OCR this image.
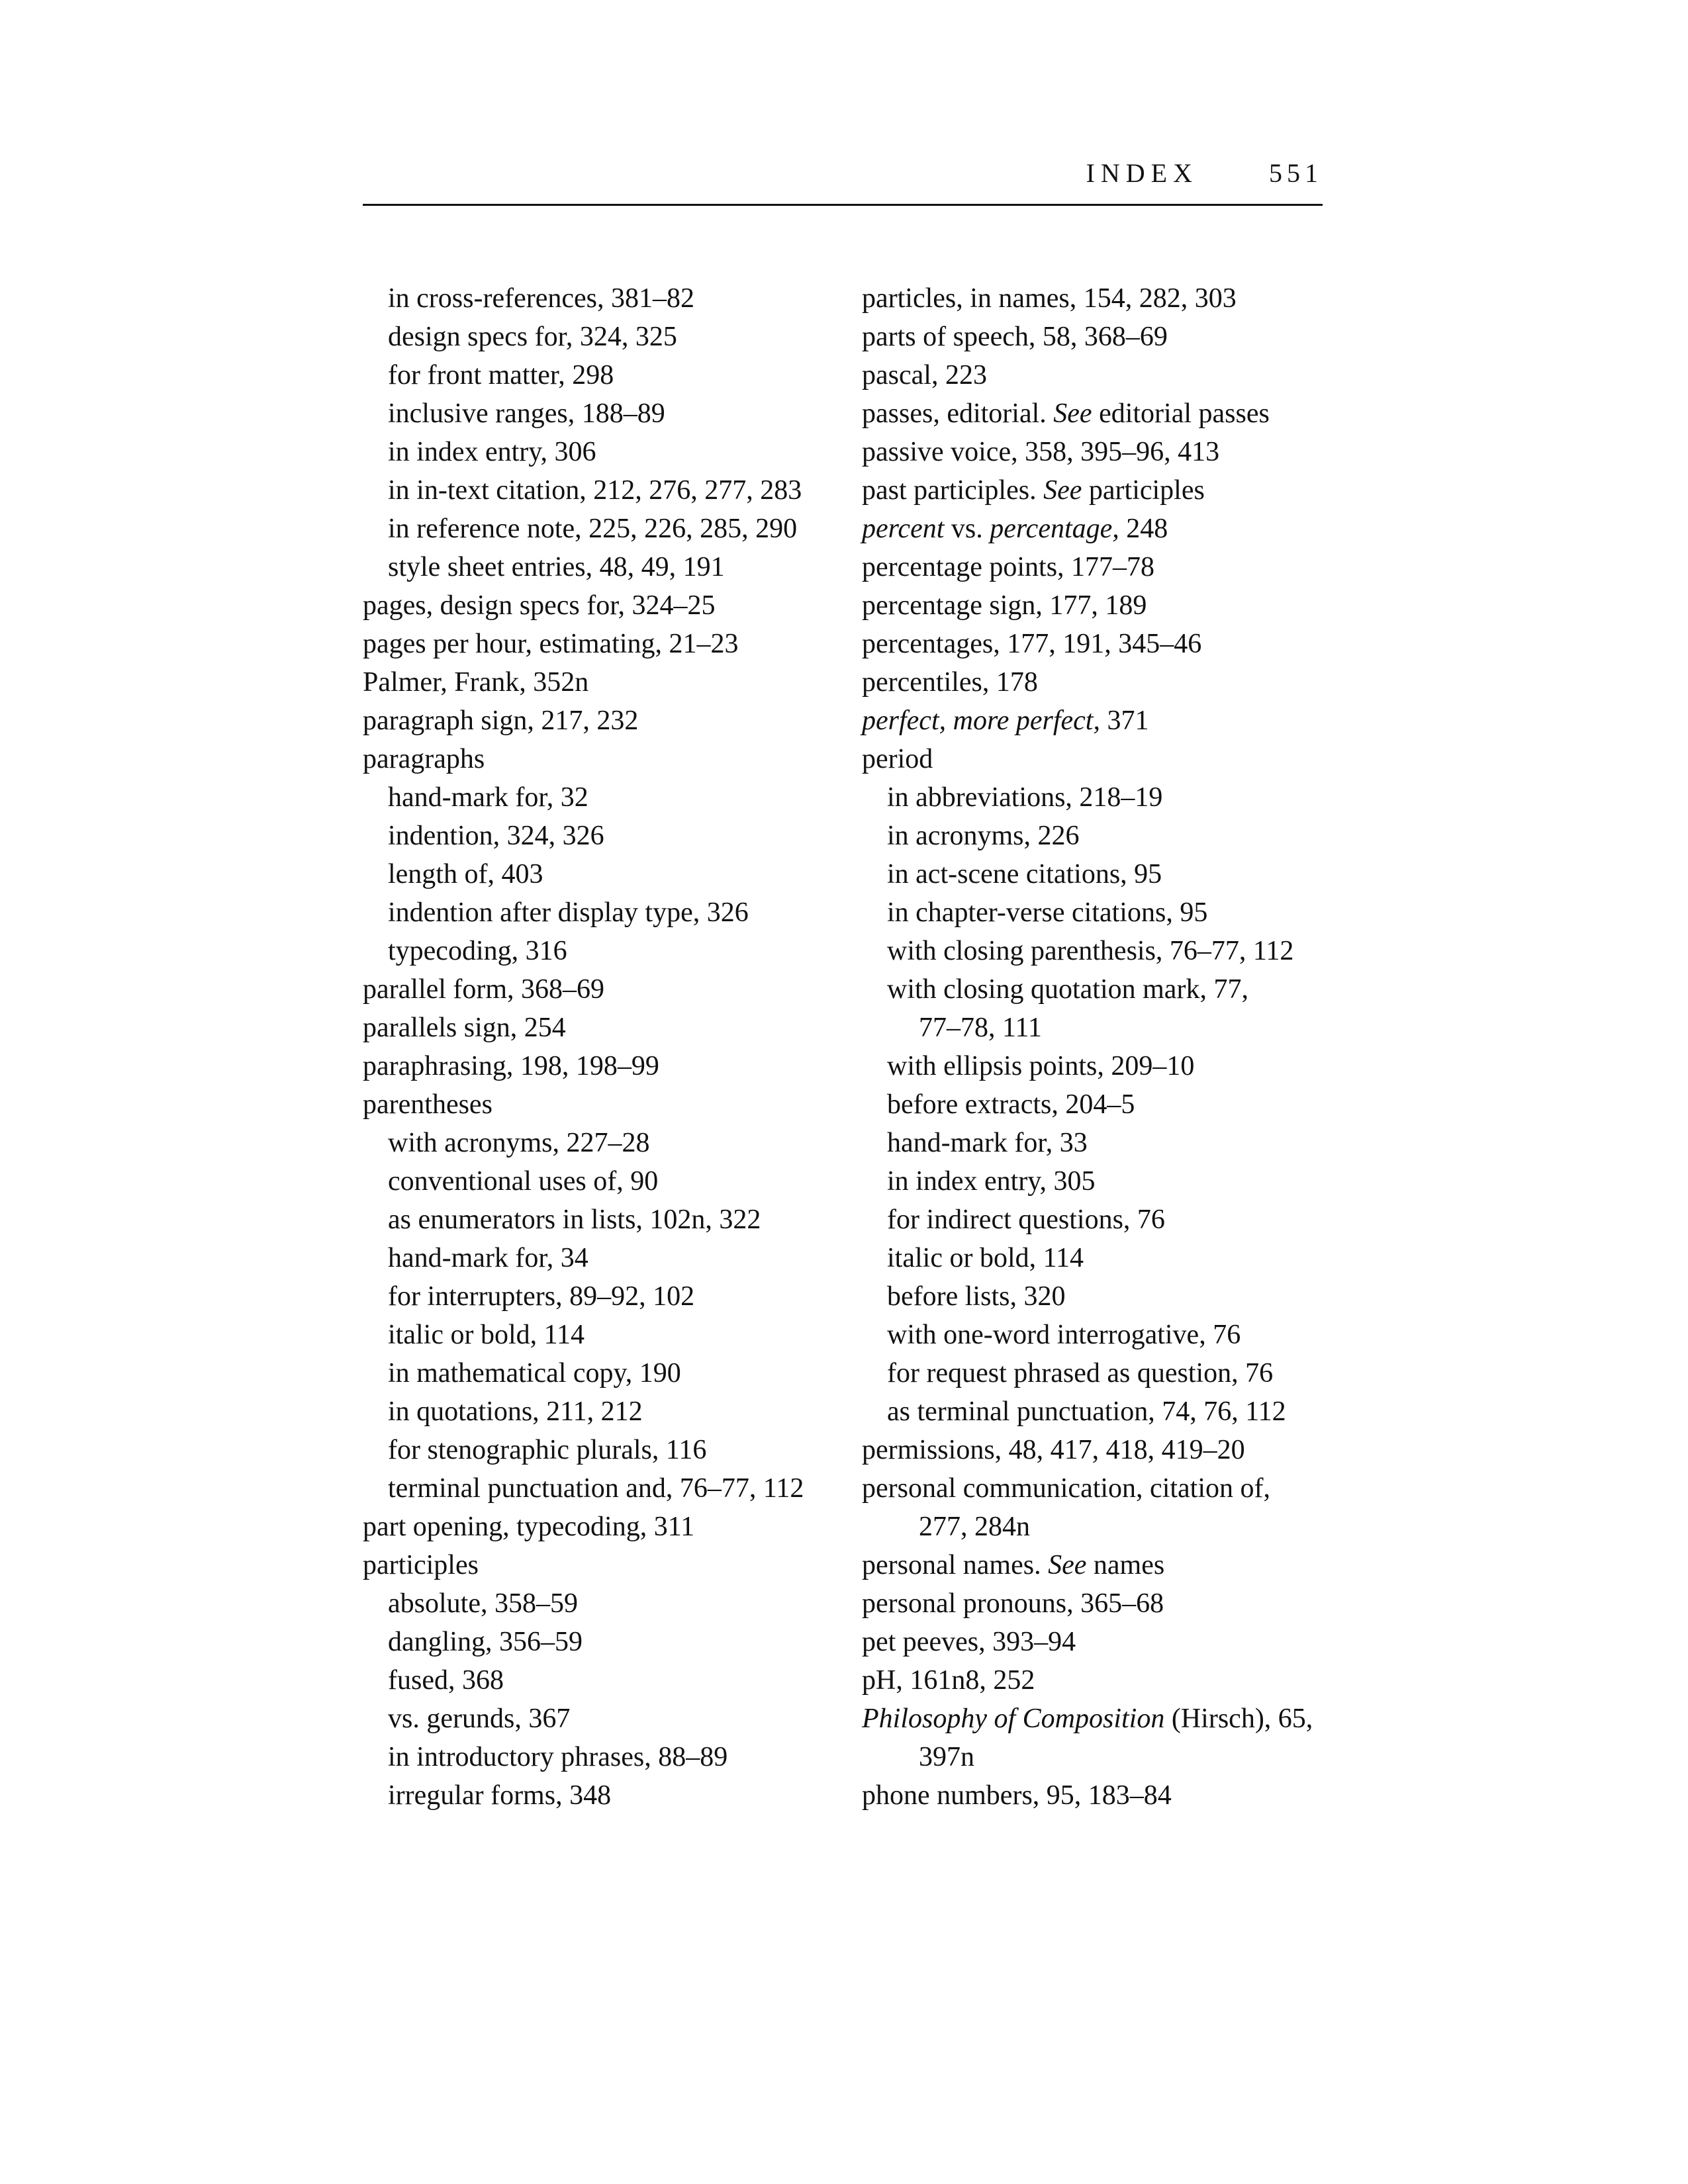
INDEX	551
in cross-references, 381–82
design specs for, 324, 325
for front matter, 298
inclusive ranges, 188–89
in index entry, 306
in in-text citation, 212, 276, 277, 283
in reference note, 225, 226, 285, 290
style sheet entries, 48, 49, 191
pages, design specs for, 324–25
pages per hour, estimating, 21–23
Palmer, Frank, 352n
paragraph sign, 217, 232
paragraphs
hand-mark for, 32
indention, 324, 326
length of, 403
indention after display type, 326
typecoding, 316
parallel form, 368–69
parallels sign, 254
paraphrasing, 198, 198–99
parentheses
with acronyms, 227–28
conventional uses of, 90
as enumerators in lists, 102n, 322
hand-mark for, 34
for interrupters, 89–92, 102
italic or bold, 114
in mathematical copy, 190
in quotations, 211, 212
for stenographic plurals, 116
terminal punctuation and, 76–77, 112
part opening, typecoding, 311
participles
absolute, 358–59
dangling, 356–59
fused, 368
vs. gerunds, 367
in introductory phrases, 88–89
irregular forms, 348
particles, in names, 154, 282, 303
parts of speech, 58, 368–69
pascal, 223
passes, editorial. See editorial passes
passive voice, 358, 395–96, 413
past participles. See participles
percent vs. percentage, 248
percentage points, 177–78
percentage sign, 177, 189
percentages, 177, 191, 345–46
percentiles, 178
perfect, more perfect, 371
period
in abbreviations, 218–19
in acronyms, 226
in act-scene citations, 95
in chapter-verse citations, 95
with closing parenthesis, 76–77, 112
with closing quotation mark, 77,
77–78, 111
with ellipsis points, 209–10
before extracts, 204–5
hand-mark for, 33
in index entry, 305
for indirect questions, 76
italic or bold, 114
before lists, 320
with one-word interrogative, 76
for request phrased as question, 76
as terminal punctuation, 74, 76, 112
permissions, 48, 417, 418, 419–20
personal communication, citation of,
277, 284n
personal names. See names
personal pronouns, 365–68
pet peeves, 393–94
pH, 161n8, 252
Philosophy of Composition (Hirsch), 65,
397n
phone numbers, 95, 183–84
